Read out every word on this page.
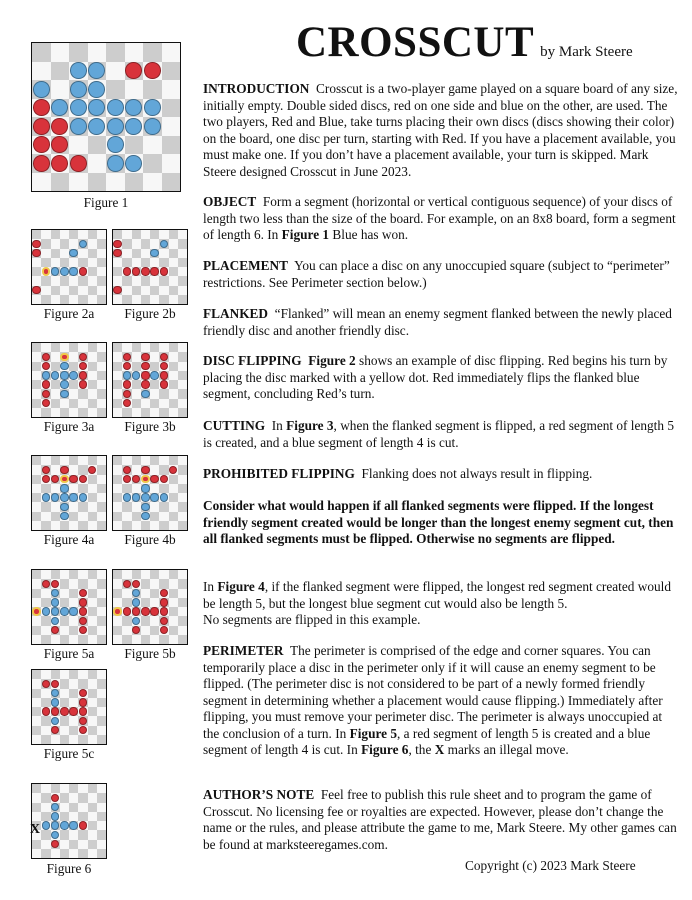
CROSSCUT by Mark Steere
INTRODUCTION Crosscut is a two-player game played on a square board of any size, initially empty. Double sided discs, red on one side and blue on the other, are used. The two players, Red and Blue, take turns placing their own discs (discs showing their color) on the board, one disc per turn, starting with Red. If you have a placement available, you must make one. If you don’t have a placement available, your turn is skipped. Mark Steere designed Crosscut in June 2023.
OBJECT Form a segment (horizontal or vertical contiguous sequence) of your discs of length two less than the size of the board. For example, on an 8x8 board, form a segment of length 6. In Figure 1 Blue has won.
PLACEMENT You can place a disc on any unoccupied square (subject to “perimeter” restrictions. See Perimeter section below.)
FLANKED “Flanked” will mean an enemy segment flanked between the newly placed friendly disc and another friendly disc.
DISC FLIPPING Figure 2 shows an example of disc flipping. Red begins his turn by placing the disc marked with a yellow dot. Red immediately flips the flanked blue segment, concluding Red’s turn.
CUTTING In Figure 3, when the flanked segment is flipped, a red segment of length 5 is created, and a blue segment of length 4 is cut.
PROHIBITED FLIPPING Flanking does not always result in flipping.
Consider what would happen if all flanked segments were flipped. If the longest friendly segment created would be longer than the longest enemy segment cut, then all flanked segments must be flipped. Otherwise no segments are flipped.
In Figure 4, if the flanked segment were flipped, the longest red segment created would be length 5, but the longest blue segment cut would also be length 5.
No segments are flipped in this example.
PERIMETER The perimeter is comprised of the edge and corner squares. You can temporarily place a disc in the perimeter only if it will cause an enemy segment to be flipped. (The perimeter disc is not considered to be part of a newly formed friendly segment in determining whether a placement would cause flipping.) Immediately after flipping, you must remove your perimeter disc. The perimeter is always unoccupied at the conclusion of a turn. In Figure 5, a red segment of length 5 is created and a blue segment of length 4 is cut. In Figure 6, the X marks an illegal move.
AUTHOR’S NOTE Feel free to publish this rule sheet and to program the game of Crosscut. No licensing fee or royalties are expected. However, please don’t change the name or the rules, and please attribute the game to me, Mark Steere. My other games can be found at marksteeregames.com.
Copyright (c) 2023 Mark Steere
Figure 1
Figure 2a	Figure 2b
Figure 3a	Figure 3b
Figure 4a	Figure 4b
Figure 5a	Figure 5b
Figure 5c
Figure 6
X
